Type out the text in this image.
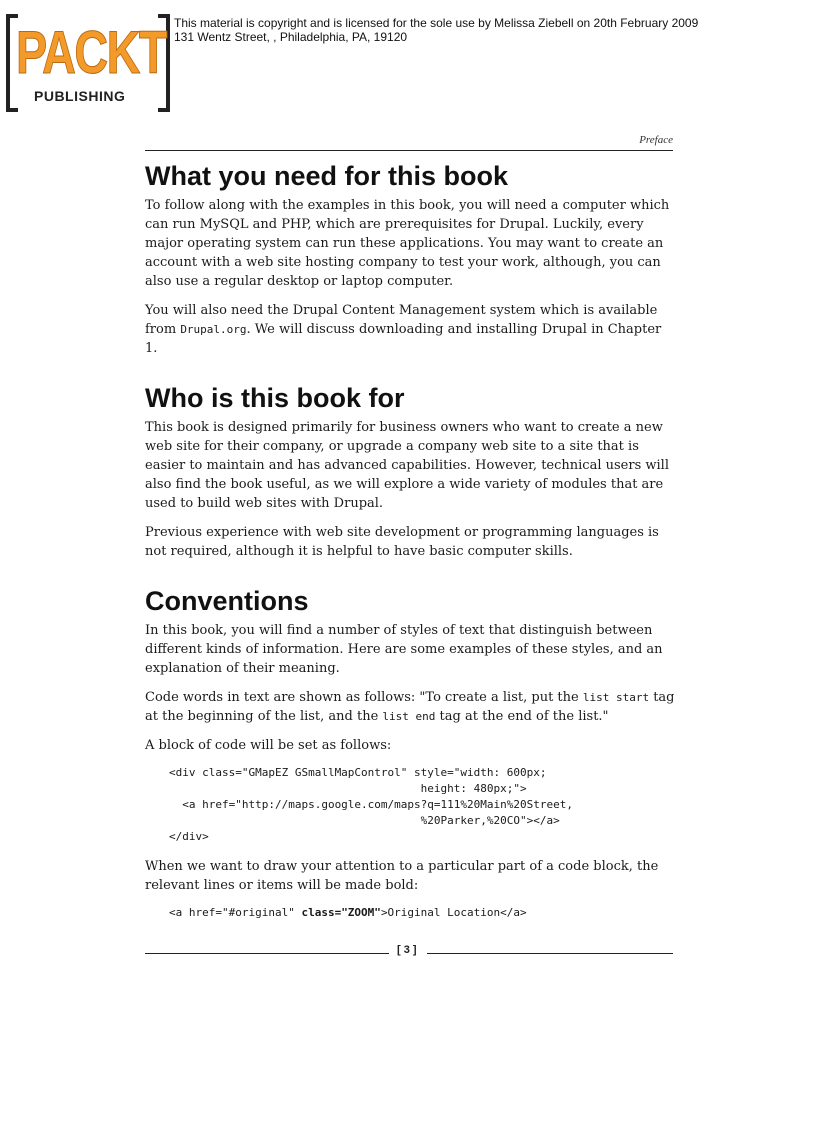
PACKT
PUBLISHING
This material is copyright and is licensed for the sole use by Melissa Ziebell on 20th February 2009
131 Wentz Street, , Philadelphia, PA, 19120
Preface
What you need for this book

To follow along with the examples in this book, you will need a computer which can run MySQL and PHP, which are prerequisites for Drupal. Luckily, every major operating system can run these applications. You may want to create an account with a web site hosting company to test your work, although, you can also use a regular desktop or laptop computer.

You will also need the Drupal Content Management system which is available from Drupal.org. We will discuss downloading and installing Drupal in Chapter 1.

Who is this book for

This book is designed primarily for business owners who want to create a new web site for their company, or upgrade a company web site to a site that is easier to maintain and has advanced capabilities. However, technical users will also find the book useful, as we will explore a wide variety of modules that are used to build web sites with Drupal.

Previous experience with web site development or programming languages is not required, although it is helpful to have basic computer skills.

Conventions

In this book, you will find a number of styles of text that distinguish between different kinds of information. Here are some examples of these styles, and an explanation of their meaning.

Code words in text are shown as follows: "To create a list, put the list start tag at the beginning of the list, and the list end tag at the end of the list."

A block of code will be set as follows:

<div class="GMapEZ GSmallMapControl" style="width: 600px;
height: 480px;">
<a href="http://maps.google.com/maps?q=111%20Main%20Street,
%20Parker,%20CO"></a>
</div>

When we want to draw your attention to a particular part of a code block, the relevant lines or items will be made bold:

<a href="#original" class="ZOOM">Original Location</a>
[ 3 ]
